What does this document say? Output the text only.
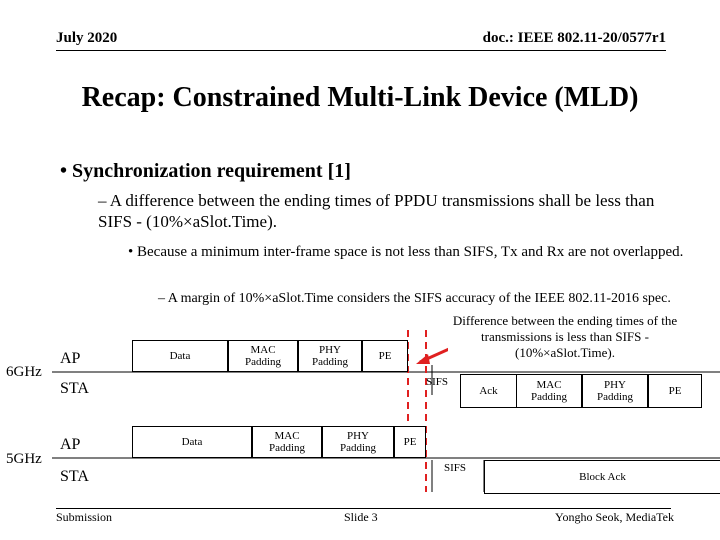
July 2020	doc.: IEEE 802.11-20/0577r1
Recap: Constrained Multi-Link Device (MLD)
• Synchronization requirement [1]
– A difference between the ending times of PPDU transmissions shall be less than SIFS - (10%×aSlot.Time).
• Because a minimum inter-frame space is not less than SIFS, Tx and Rx are not overlapped.
– A margin of 10%×aSlot.Time considers the SIFS accuracy of the IEEE 802.11-2016 spec.
Difference between the ending times of the transmissions is less than SIFS - (10%×aSlot.Time).
6GHz
5GHz
AP
STA
AP
STA
Data	MAC
Padding
PHY
Padding	PE
SIFS
Ack	MAC
Padding
PHY
Padding	PE
Data	MAC
Padding
PHY
Padding	PE
SIFS
Block Ack
Submission	Slide 3	Yongho Seok, MediaTek
